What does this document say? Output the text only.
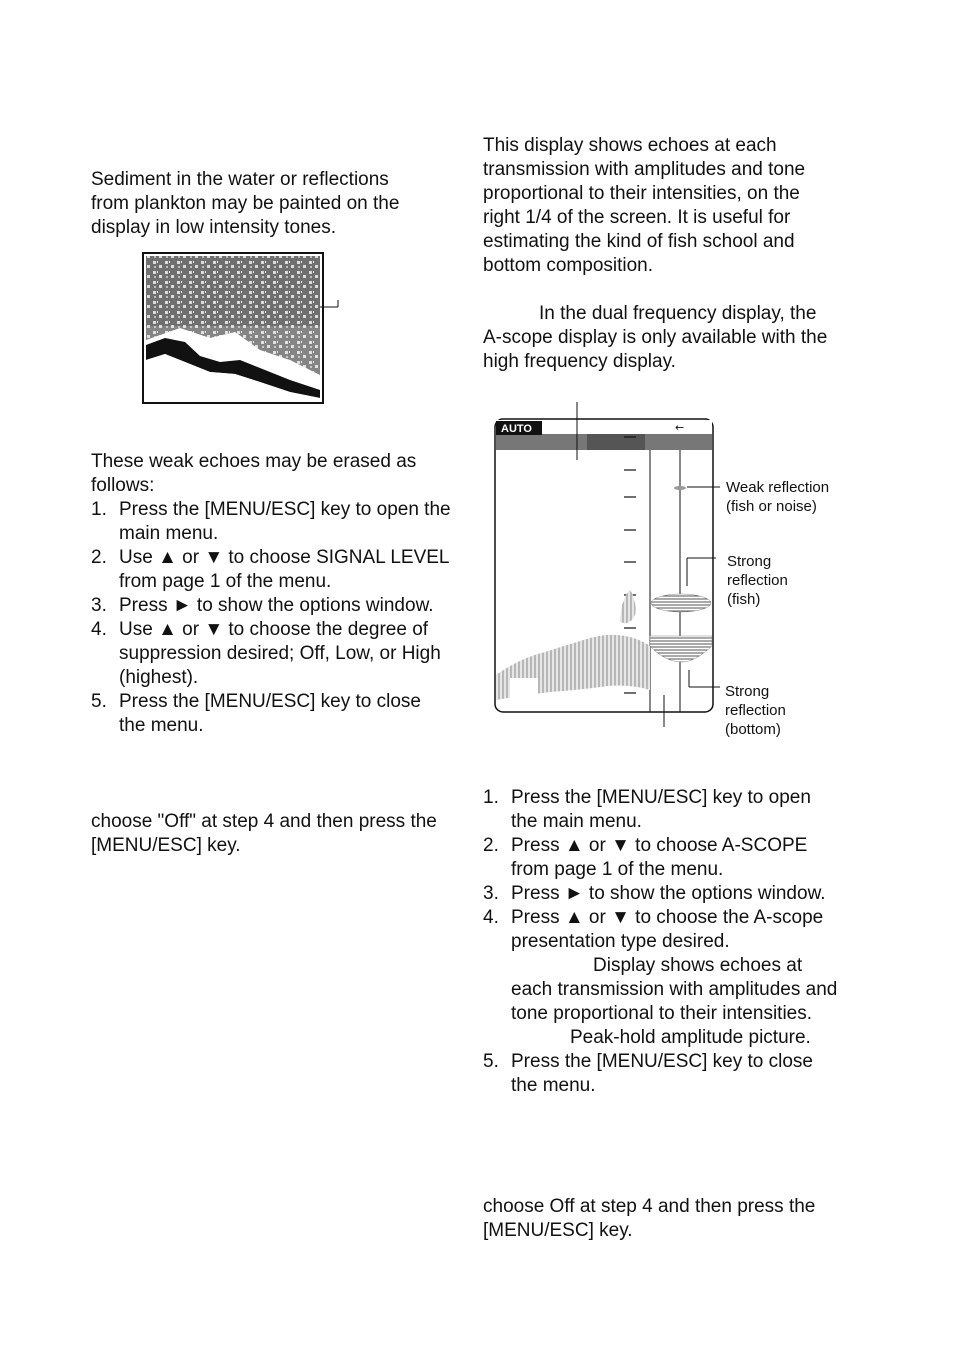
Sediment in the water or reflections from plankton may be painted on the display in low intensity tones.

These weak echoes may be erased as follows:

1. Press the [MENU/ESC] key to open the main menu.
2. Use ▲ or ▼ to choose SIGNAL LEVEL from page 1 of the menu.
3. Press ► to show the options window.
4. Use ▲ or ▼ to choose the degree of suppression desired; Off, Low, or High (highest).
5. Press the [MENU/ESC] key to close the menu.

choose "Off" at step 4 and then press the [MENU/ESC] key.

This display shows echoes at each transmission with amplitudes and tone proportional to their intensities, on the right 1/4 of the screen. It is useful for estimating the kind of fish school and bottom composition.

In the dual frequency display, the A-scope display is only available with the high frequency display.

AUTO	←

Weak reflection (fish or noise)

Strong reflection (fish)

Strong reflection (bottom)

1. Press the [MENU/ESC] key to open the main menu.
2. Press ▲ or ▼ to choose A-SCOPE from page 1 of the menu.
3. Press ► to show the options window.
4. Press ▲ or ▼ to choose the A-scope presentation type desired.
Display shows echoes at each transmission with amplitudes and tone proportional to their intensities.
Peak-hold amplitude picture.
5. Press the [MENU/ESC] key to close the menu.

choose Off at step 4 and then press the [MENU/ESC] key.
